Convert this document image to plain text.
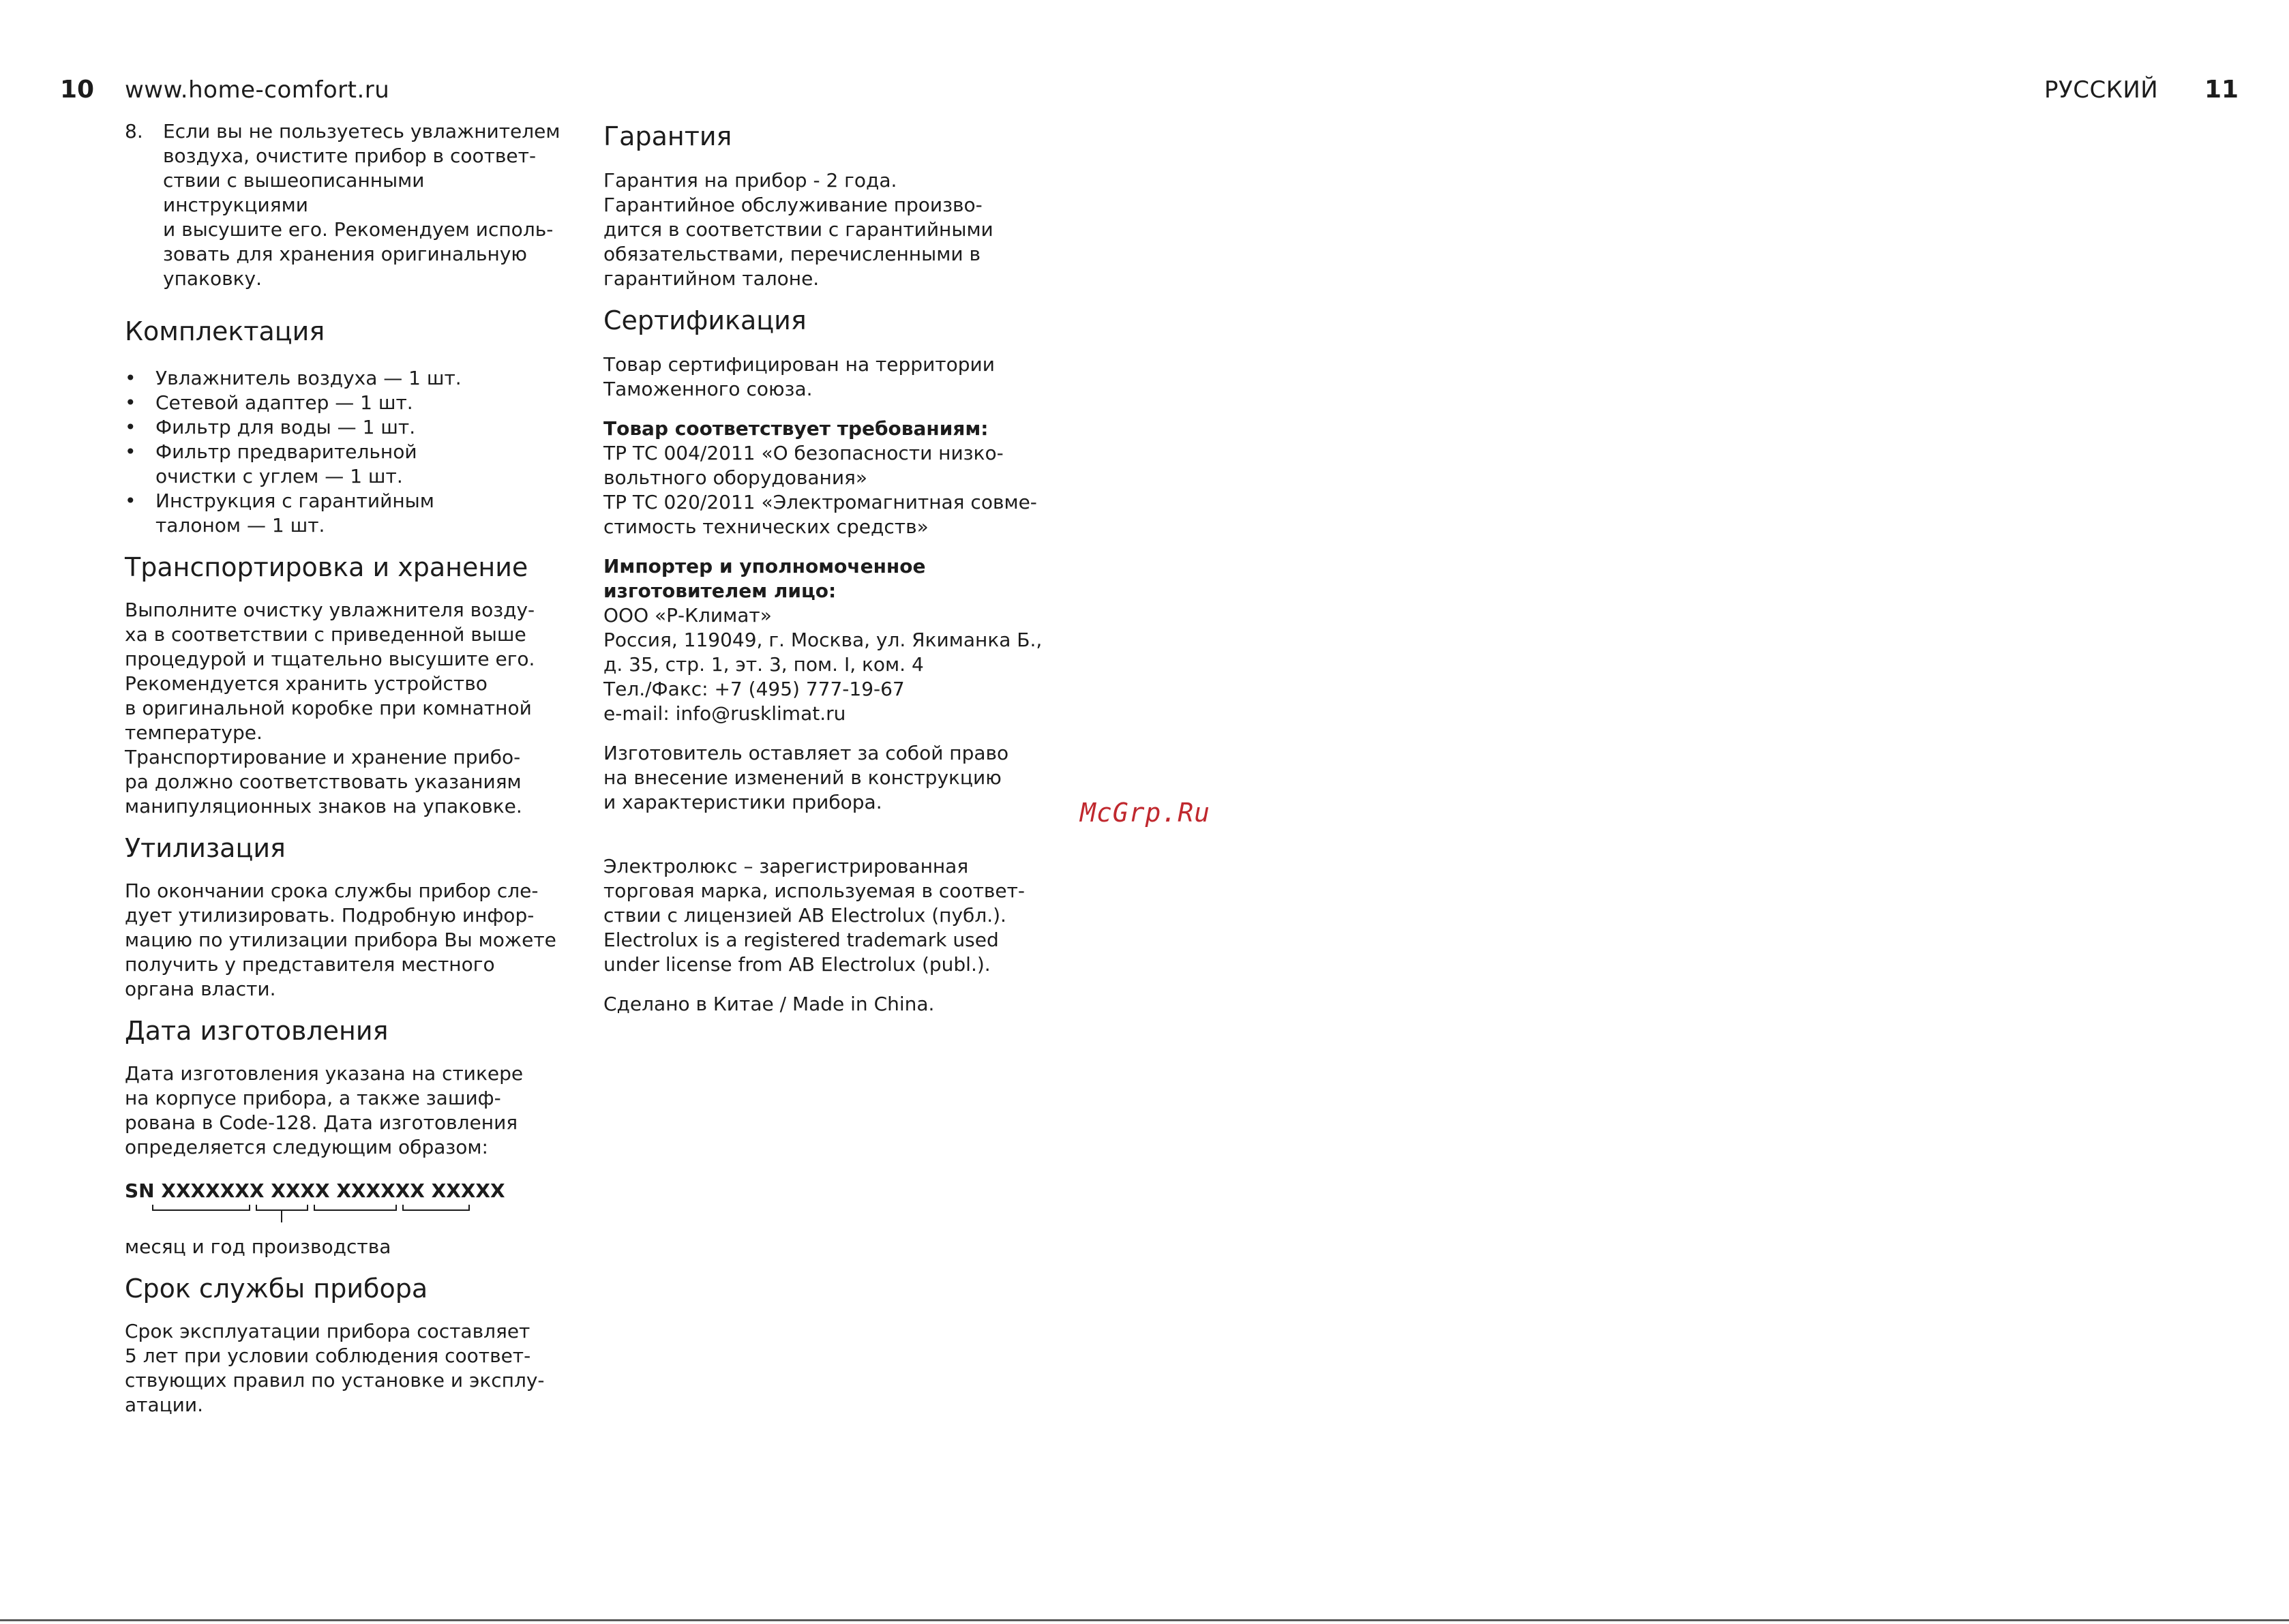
10 www.home-comfort.ru	РУССКИЙ 11
8.	Если вы не пользуетесь увлажнителем
воздуха, очистите прибор в соответ-
ствии с вышеописанными инструкциями
и высушите его. Рекомендуем исполь-
зовать для хранения оригинальную
упаковку.
Комплектация
•	Увлажнитель воздуха — 1 шт.
•	Сетевой адаптер — 1 шт.
•	Фильтр для воды — 1 шт.
•	Фильтр предварительной
очистки с углем — 1 шт.
•	Инструкция с гарантийным
талоном — 1 шт.
Транспортировка и хранение
Выполните очистку увлажнителя возду-
ха в соответствии с приведенной выше
процедурой и тщательно высушите его.
Рекомендуется хранить устройство
в оригинальной коробке при комнатной
температуре.
Транспортирование и хранение прибо-
ра должно соответствовать указаниям
манипуляционных знаков на упаковке.
Утилизация
По окончании срока службы прибор сле-
дует утилизировать. Подробную инфор-
мацию по утилизации прибора Вы можете
получить у представителя местного
органа власти.
Дата изготовления
Дата изготовления указана на стикере
на корпусе прибора, а также зашиф-
рована в Code-128. Дата изготовления
определяется следующим образом:
SN XXXXXXX XXXX XXXXXX XXXXX
месяц и год производства
Срок службы прибора
Срок эксплуатации прибора составляет
5 лет при условии соблюдения соответ-
ствующих правил по установке и эксплу-
атации.
Гарантия
Гарантия на прибор - 2 года.
Гарантийное обслуживание произво-
дится в соответствии с гарантийными
обязательствами, перечисленными в
гарантийном талоне.
Сертификация
Товар сертифицирован на территории
Таможенного союза.
Товар соответствует требованиям:
ТР ТС 004/2011 «О безопасности низко-
вольтного оборудования»
ТР ТС 020/2011 «Электромагнитная совме-
стимость технических средств»
Импортер и уполномоченное
изготовителем лицо:
ООО «Р-Климат»
Россия, 119049, г. Москва, ул. Якиманка Б.,
д. 35, стр. 1, эт. 3, пом. I, ком. 4
Тел./Факс: +7 (495) 777-19-67
e-mail: info@rusklimat.ru
Изготовитель оставляет за собой право
на внесение изменений в конструкцию
и характеристики прибора.
Электролюкс – зарегистрированная
торговая марка, используемая в соответ-
ствии с лицензией AB Electrolux (публ.).
Electrolux is a registered trademark used
under license from AB Electrolux (publ.).
Сделано в Китае / Made in China.
McGrp.Ru
